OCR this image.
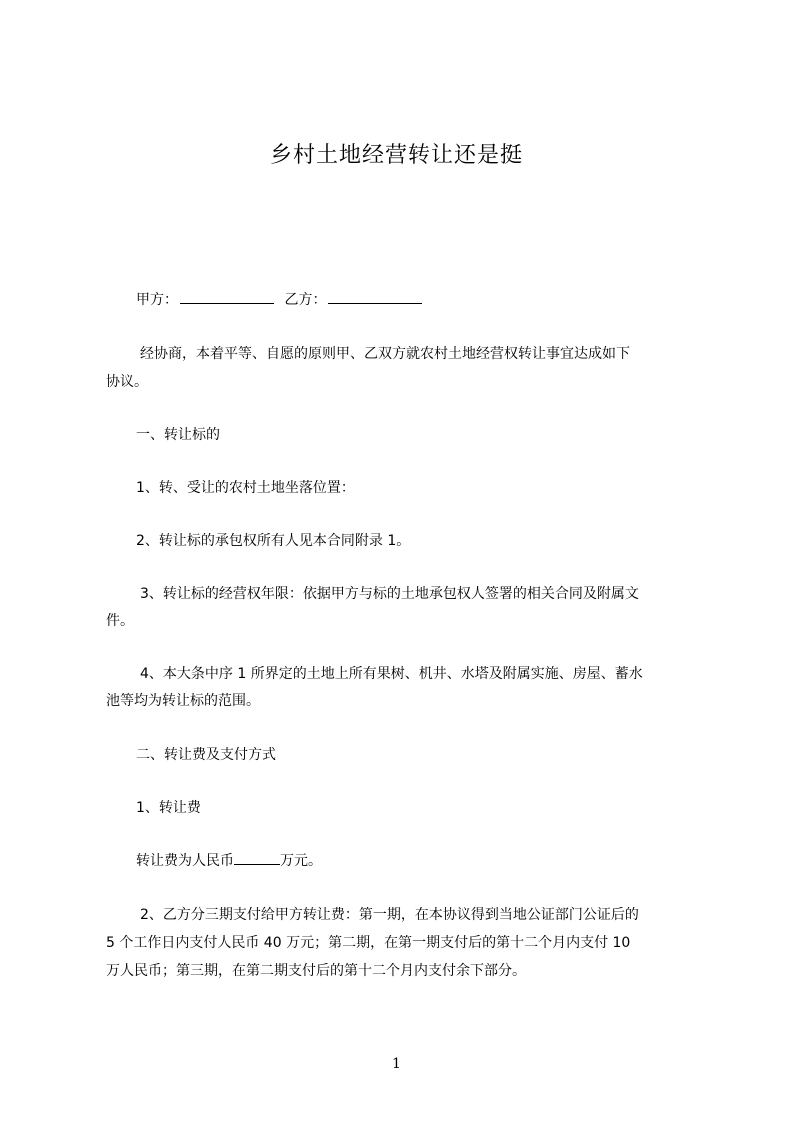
乡村土地经营转让还是挺
甲方：	乙方：
经协商，本着平等、自愿的原则甲、乙双方就农村土地经营权转让事宜达成如下
协议。
一、转让标的
1、转、受让的农村土地坐落位置：
2、转让标的承包权所有人见本合同附录 1。
3、转让标的经营权年限：依据甲方与标的土地承包权人签署的相关合同及附属文
件。
4、本大条中序 1 所界定的土地上所有果树、机井、水塔及附属实施、房屋、蓄水
池等均为转让标的范围。
二、转让费及支付方式
1、转让费
转让费为人民币	万元。
2、乙方分三期支付给甲方转让费：第一期，在本协议得到当地公证部门公证后的
5 个工作日内支付人民币 40 万元；第二期，在第一期支付后的第十二个月内支付 10
万人民币；第三期，在第二期支付后的第十二个月内支付余下部分。
1
